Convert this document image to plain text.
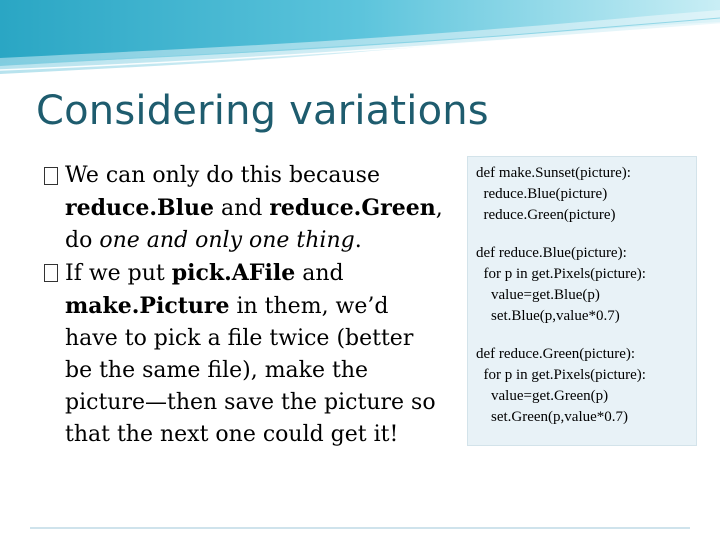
Considering variations
We can only do this because
reduce.Blue and reduce.Green,
do one and only one thing.
If we put pick.AFile and
make.Picture in them, we’d
have to pick a file twice (better
be the same file), make the
picture—then save the picture so
that the next one could get it!
def make.Sunset(picture):
reduce.Blue(picture)
reduce.Green(picture)
def reduce.Blue(picture):
for p in get.Pixels(picture):
value=get.Blue(p)
set.Blue(p,value*0.7)
def reduce.Green(picture):
for p in get.Pixels(picture):
value=get.Green(p)
set.Green(p,value*0.7)
